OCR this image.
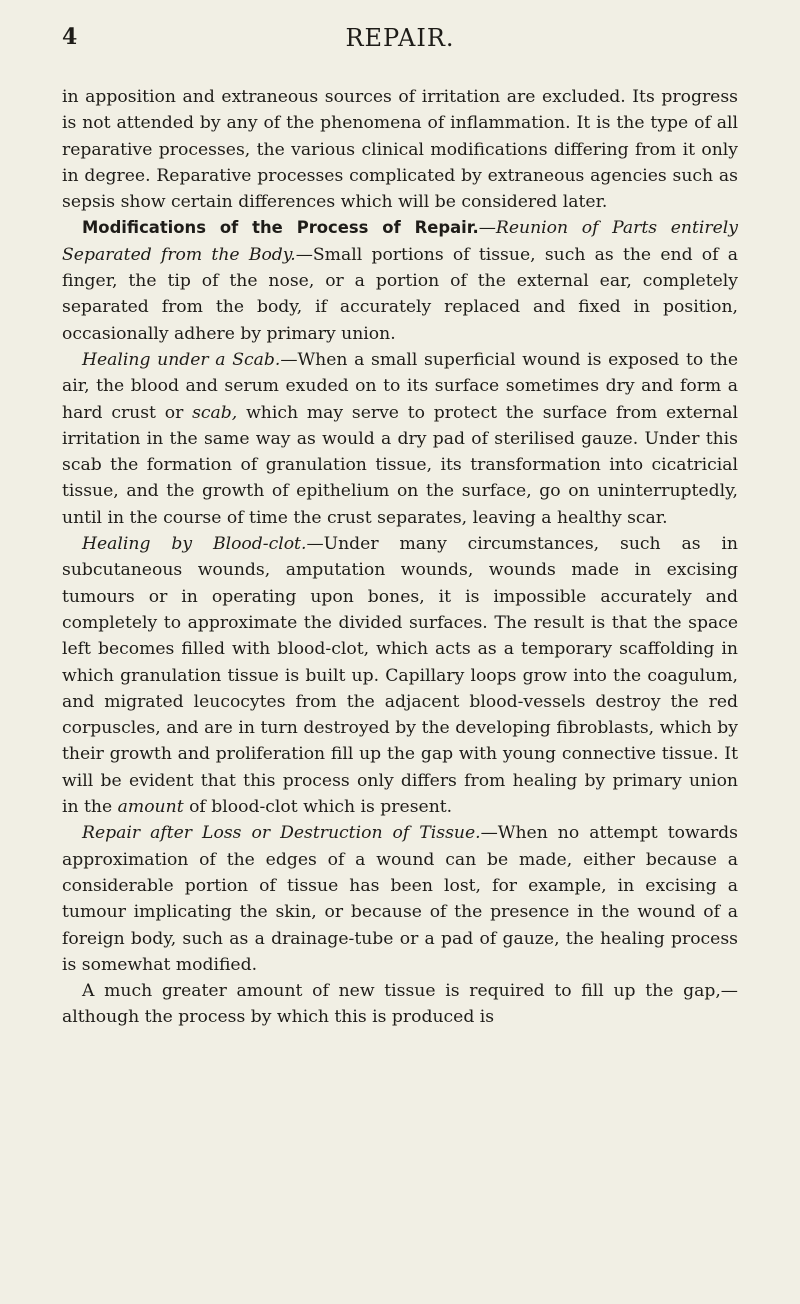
4	REPAIR.

in apposition and extraneous sources of irritation are excluded. Its progress is not attended by any of the phenomena of inflammation. It is the type of all reparative processes, the various clinical modifications differing from it only in degree. Reparative processes complicated by extraneous agencies such as sepsis show certain differences which will be considered later.

Modifications of the Process of Repair.—Reunion of Parts entirely Separated from the Body.—Small portions of tissue, such as the end of a finger, the tip of the nose, or a portion of the external ear, completely separated from the body, if accurately replaced and fixed in position, occasionally adhere by primary union.

Healing under a Scab.—When a small superficial wound is exposed to the air, the blood and serum exuded on to its surface sometimes dry and form a hard crust or scab, which may serve to protect the surface from external irritation in the same way as would a dry pad of sterilised gauze. Under this scab the formation of granulation tissue, its transformation into cicatricial tissue, and the growth of epithelium on the surface, go on uninterruptedly, until in the course of time the crust separates, leaving a healthy scar.

Healing by Blood-clot.—Under many circumstances, such as in subcutaneous wounds, amputation wounds, wounds made in excising tumours or in operating upon bones, it is impossible accurately and completely to approximate the divided surfaces. The result is that the space left becomes filled with blood-clot, which acts as a temporary scaffolding in which granulation tissue is built up. Capillary loops grow into the coagulum, and migrated leucocytes from the adjacent blood-vessels destroy the red corpuscles, and are in turn destroyed by the developing fibroblasts, which by their growth and proliferation fill up the gap with young connective tissue. It will be evident that this process only differs from healing by primary union in the amount of blood-clot which is present.

Repair after Loss or Destruction of Tissue.—When no attempt towards approximation of the edges of a wound can be made, either because a considerable portion of tissue has been lost, for example, in excising a tumour implicating the skin, or because of the presence in the wound of a foreign body, such as a drainage-tube or a pad of gauze, the healing process is somewhat modified.

A much greater amount of new tissue is required to fill up the gap,—although the process by which this is produced is
